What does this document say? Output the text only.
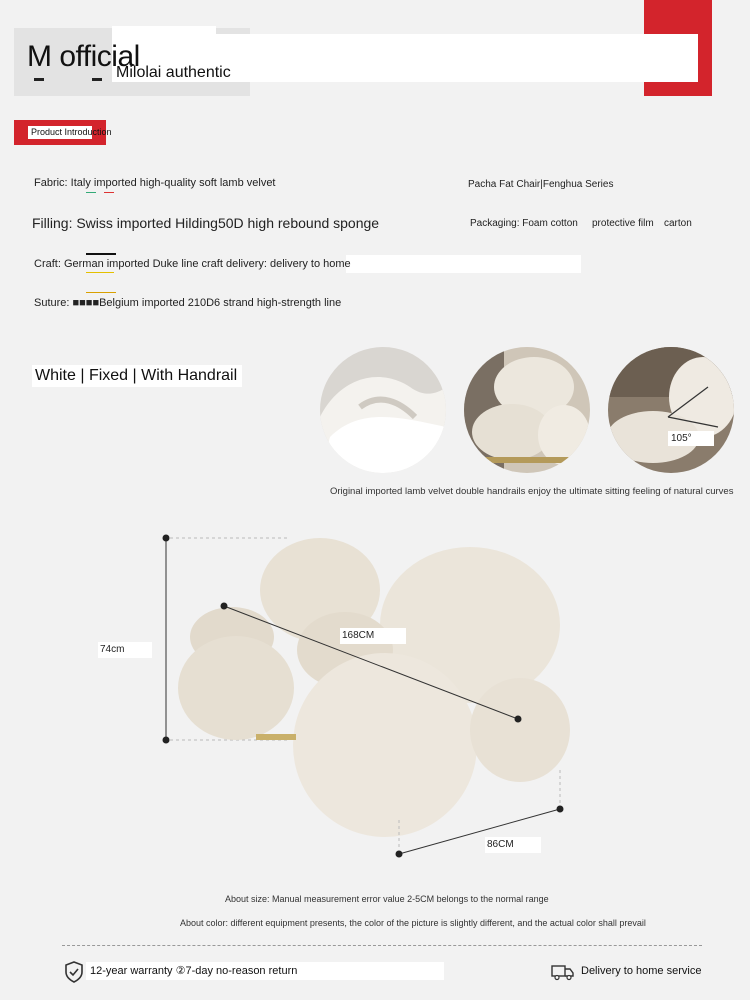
M official
Milolai authentic
Product Introduction
Fabric: Italy imported high-quality soft lamb velvet	Pacha Fat Chair|Fenghua Series
Filling: Swiss imported Hilding50D high rebound sponge	Packaging: Foam cotton protective film carton
Craft: German imported Duke line craft delivery: delivery to home
Suture: ■■■■Belgium imported 210D6 strand high-strength line
White | Fixed | With Handrail
105°
Original imported lamb velvet double handrails enjoy the ultimate sitting feeling of natural curves
74cm
168CM
86CM
About size: Manual measurement error value 2-5CM belongs to the normal range
About color: different equipment presents, the color of the picture is slightly different, and the actual color shall prevail
12-year warranty ②7-day no-reason return	Delivery to home service
